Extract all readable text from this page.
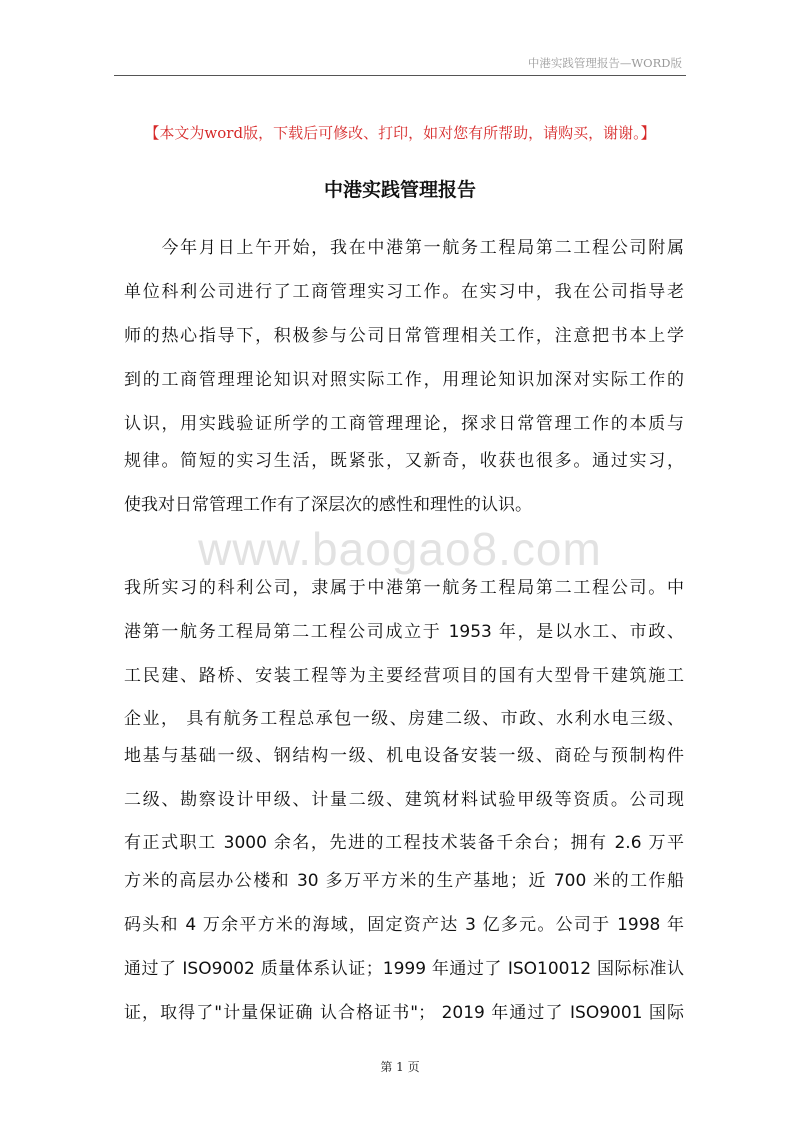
中港实践管理报告—WORD版
【本文为word版，下载后可修改、打印，如对您有所帮助，请购买，谢谢。】
中港实践管理报告
　　今年月日上午开始，我在中港第一航务工程局第二工程公司附属
单位科利公司进行了工商管理实习工作。在实习中，我在公司指导老
师的热心指导下，积极参与公司日常管理相关工作，注意把书本上学
到的工商管理理论知识对照实际工作，用理论知识加深对实际工作的
认识，用实践验证所学的工商管理理论，探求日常管理工作的本质与
规律。简短的实习生活，既紧张，又新奇，收获也很多。通过实习，
使我对日常管理工作有了深层次的感性和理性的认识。
www.baogao8.com
我所实习的科利公司，隶属于中港第一航务工程局第二工程公司。中
港第一航务工程局第二工程公司成立于 1953 年，是以水工、市政、
工民建、路桥、安装工程等为主要经营项目的国有大型骨干建筑施工
企业， 具有航务工程总承包一级、房建二级、市政、水利水电三级、
地基与基础一级、钢结构一级、机电设备安装一级、商砼与预制构件
二级、勘察设计甲级、计量二级、建筑材料试验甲级等资质。公司现
有正式职工 3000 余名，先进的工程技术装备千余台；拥有 2.6 万平
方米的高层办公楼和 30 多万平方米的生产基地；近 700 米的工作船
码头和 4 万余平方米的海域，固定资产达 3 亿多元。公司于 1998 年
通过了 ISO9002 质量体系认证；1999 年通过了 ISO10012 国际标准认
证，取得了"计量保证确 认合格证书"； 2019 年通过了 ISO9001 国际
第 1 页
